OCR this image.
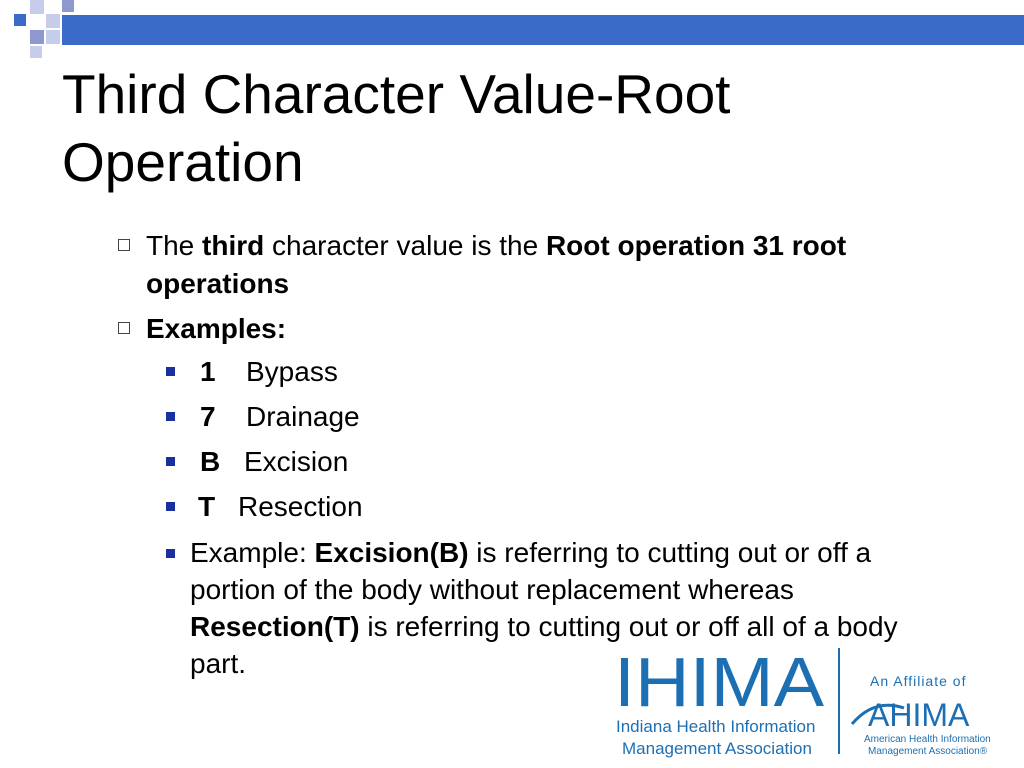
Third Character Value-Root
Operation
The third character value is the Root operation 31 root operations
Examples:
1 Bypass
7 Drainage
B Excision
T Resection
Example: Excision(B) is referring to cutting out or off a portion of the body without replacement whereas Resection(T) is referring to cutting out or off all of a body part.	IHIMA
Indiana Health Information
Management Association
An Affiliate of
AHIMA
American Health Information
Management Association®
